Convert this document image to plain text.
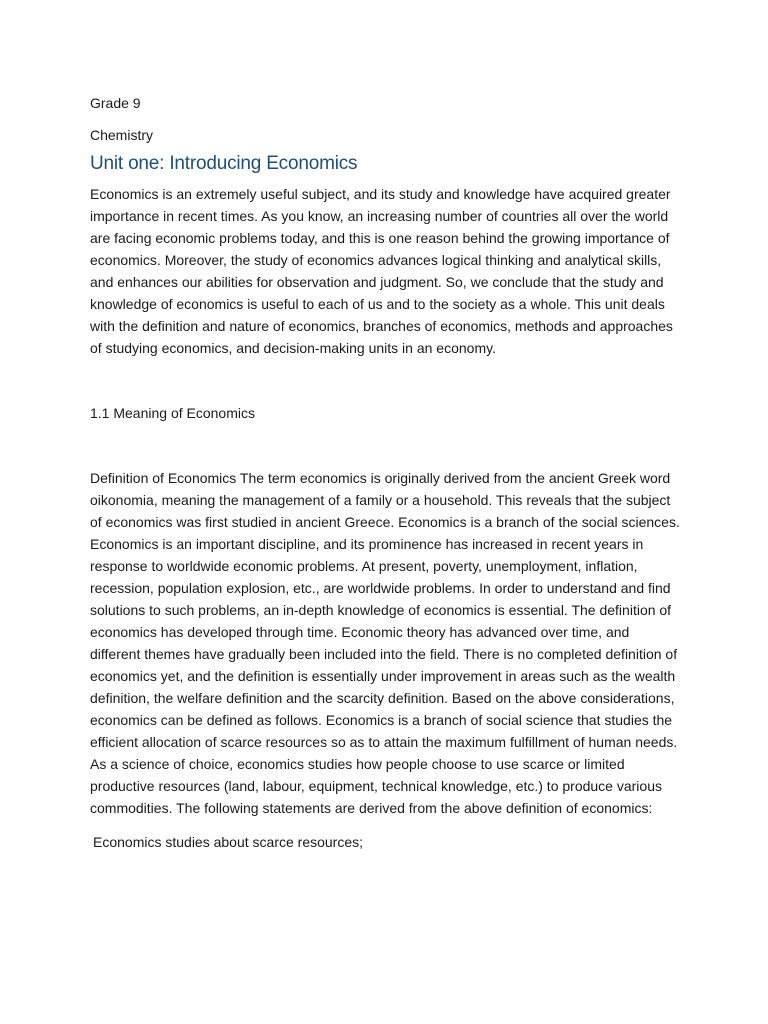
Grade 9

Chemistry

Unit one: Introducing Economics

Economics is an extremely useful subject, and its study and knowledge have acquired greater importance in recent times. As you know, an increasing number of countries all over the world are facing economic problems today, and this is one reason behind the growing importance of economics. Moreover, the study of economics advances logical thinking and analytical skills, and enhances our abilities for observation and judgment. So, we conclude that the study and knowledge of economics is useful to each of us and to the society as a whole. This unit deals with the definition and nature of economics, branches of economics, methods and approaches of studying economics, and decision-making units in an economy.

1.1 Meaning of Economics

Definition of Economics The term economics is originally derived from the ancient Greek word oikonomia, meaning the management of a family or a household. This reveals that the subject of economics was first studied in ancient Greece. Economics is a branch of the social sciences. Economics is an important discipline, and its prominence has increased in recent years in response to worldwide economic problems. At present, poverty, unemployment, inflation, recession, population explosion, etc., are worldwide problems. In order to understand and find solutions to such problems, an in-depth knowledge of economics is essential. The definition of economics has developed through time. Economic theory has advanced over time, and different themes have gradually been included into the field. There is no completed definition of economics yet, and the definition is essentially under improvement in areas such as the wealth definition, the welfare definition and the scarcity definition. Based on the above considerations, economics can be defined as follows. Economics is a branch of social science that studies the efficient allocation of scarce resources so as to attain the maximum fulfillment of human needs. As a science of choice, economics studies how people choose to use scarce or limited productive resources (land, labour, equipment, technical knowledge, etc.) to produce various commodities. The following statements are derived from the above definition of economics:

Economics studies about scarce resources;
